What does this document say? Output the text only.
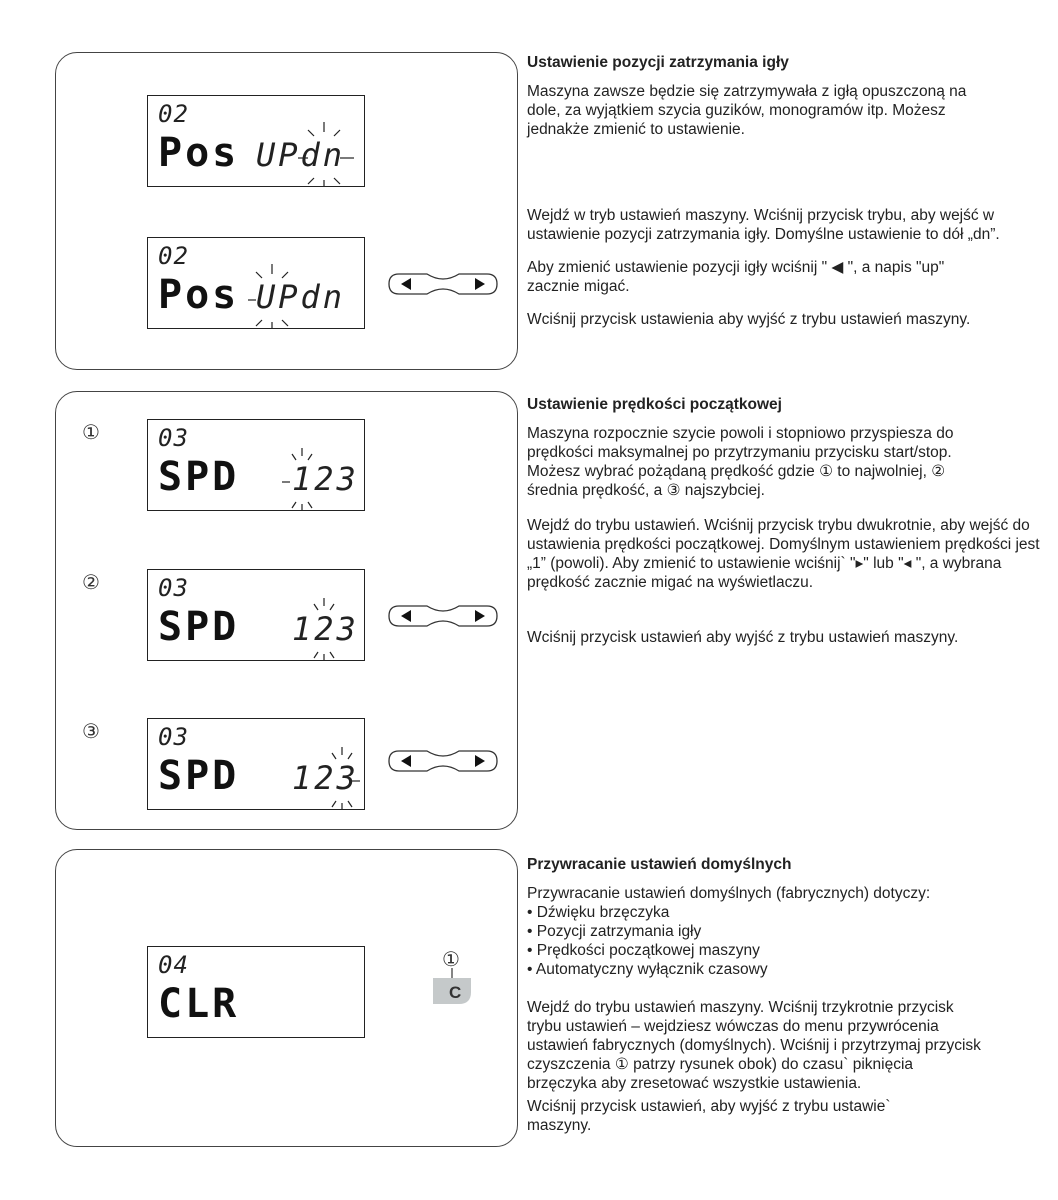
02
Pos UPdn
02
Pos UPdn

Ustawienie pozycji zatrzymania igły

Maszyna zawsze będzie się zatrzymywała z igłą opuszczoną na dole, za wyjątkiem szycia guzików, monogramów itp. Możesz jednakże zmienić to ustawienie.

Wejdź w tryb ustawień maszyny. Wciśnij przycisk trybu, aby wejść w ustawienie pozycji zatrzymania igły. Domyślne ustawienie to dół „dn”.

Aby zmienić ustawienie pozycji igły wciśnij " ◀ ", a napis "up" zacznie migać.

Wciśnij przycisk ustawienia aby wyjść z trybu ustawień maszyny.

① 03
SPD 123
② 03
SPD 123
③ 03
SPD 123

Ustawienie prędkości początkowej

Maszyna rozpocznie szycie powoli i stopniowo przyspiesza do prędkości maksymalnej po przytrzymaniu przycisku start/stop.

Możesz wybrać pożądaną prędkość gdzie ① to najwolniej, ② średnia prędkość, a ③ najszybciej.

Wejdź do trybu ustawień. Wciśnij przycisk trybu dwukrotnie, aby wejść do ustawienia prędkości początkowej. Domyślnym ustawieniem prędkości jest „1” (powoli). Aby zmienić to ustawienie wciśnij` "▸" lub "◂ ", a wybrana prędkość zacznie migać na wyświetlaczu.

Wciśnij przycisk ustawień aby wyjść z trybu ustawień maszyny.

04
CLR
①
C

Przywracanie ustawień domyślnych

Przywracanie ustawień domyślnych (fabrycznych) dotyczy:

• Dźwięku brzęczyka
• Pozycji zatrzymania igły
• Prędkości początkowej maszyny
• Automatyczny wyłącznik czasowy

Wejdź do trybu ustawień maszyny. Wciśnij trzykrotnie przycisk trybu ustawień – wejdziesz wówczas do menu przywrócenia ustawień fabrycznych (domyślnych). Wciśnij i przytrzymaj przycisk czyszczenia ① patrzy rysunek obok) do czasu` piknięcia brzęczyka aby zresetować wszystkie ustawienia.

Wciśnij przycisk ustawień, aby wyjść z trybu ustawie` maszyny.
